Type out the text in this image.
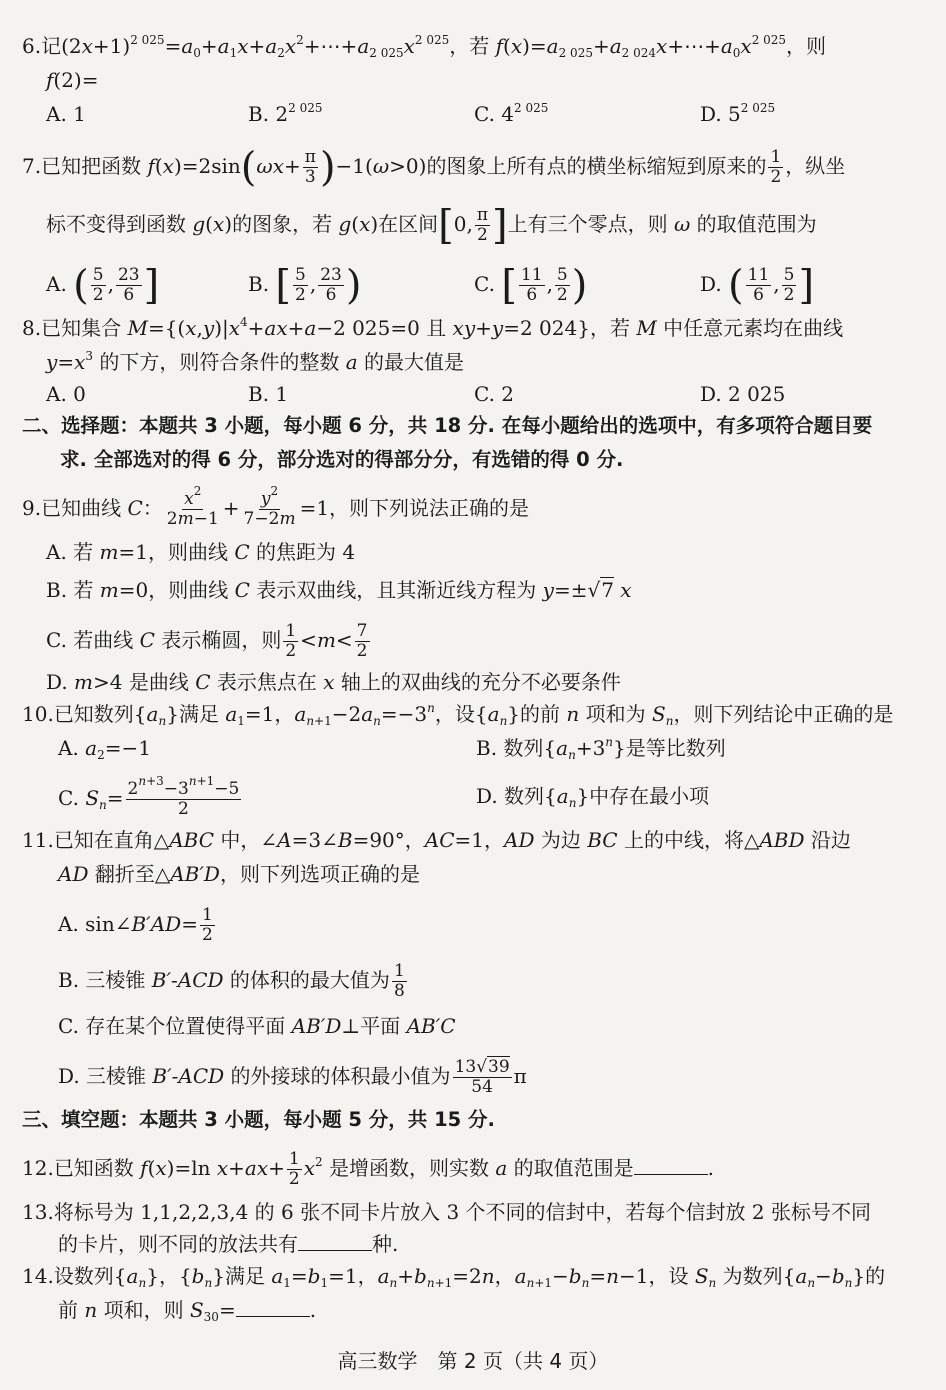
6.记$(2x+1)^{2 025}=a_0+a_1x+a_2x^2+\cdots+a_{2 025}x^{2 025}$，若 $f(x)=a_{2 025}+a_{2 024}x+\cdots+a_0x^{2 025}$，则
f(2)=
A. 1	B. $2^{2 025}$	C. $4^{2 025}$	D. $5^{2 025}$
7.已知把函数 $f(x)=2\sin(\omega x+ \frac{\pi}{3} )-1(\omega>0)$的图象上所有点的横坐标缩短到原来的 $\frac{1}{2}$ ，纵坐
标不变得到函数 g(x)的图象，若 g(x)在区间[0, $\frac{\pi}{2}$ ]上有三个零点，则 ω 的取值范围为
A. ( $\frac{5}{2}$ , $\frac{23}{6}$ ]	B. [ $\frac{5}{2}$ , $\frac{23}{6}$ )	C. [ $\frac{11}{6}$ , $\frac{5}{2}$ )	D. ( $\frac{11}{6}$ , $\frac{5}{2}$ ]
8.已知集合 $M=\{(x,y)|x^4+ax+a-2$ 025=0 且 xy+y=2 024}，若 M 中任意元素均在曲线
$y=x^3$ 的下方，则符合条件的整数 a 的最大值是
A. 0	B. 1	C. 2	D. 2 025
二、选择题：本题共 3 小题，每小题 6 分，共 18 分. 在每小题给出的选项中，有多项符合题目要
求. 全部选对的得 6 分，部分选对的得部分分，有选错的得 0 分.
9.已知曲线 C： $\frac{x^2}{2m-1} + \frac{y^2}{7-2m} =1$，则下列说法正确的是
A. 若 m=1，则曲线 C 的焦距为 4
B. 若 m=0，则曲线 C 表示双曲线，且其渐近线方程为 y=±√7 x
C. 若曲线 C 表示椭圆，则 $\frac{1}{2} <m< \frac{7}{2}$
D. m>4 是曲线 C 表示焦点在 x 轴上的双曲线的充分不必要条件
10.已知数列$\{a_n\}$满足 $a_1=1$，$a_{n+1}-2a_n=-3^n$，设$\{a_n\}$的前 n 项和为 $S_n$，则下列结论中正确的是
A. $a_2=-1$	B. 数列$\{a_n+3^n\}$是等比数列
C. $S_n= \frac{2^{n+3}-3^{n+1}-5}{2}$	D. 数列$\{a_n\}$中存在最小项
11.已知在直角△ABC 中，∠A=3∠B=90°，AC=1，AD 为边 BC 上的中线，将△ABD 沿边
AD 翻折至△AB′D，则下列选项正确的是
A. sin∠B′AD= $\frac{1}{2}$
B. 三棱锥 B′-ACD 的体积的最大值为 $\frac{1}{8}$
C. 存在某个位置使得平面 AB′D⊥平面 AB′C
D. 三棱锥 B′-ACD 的外接球的体积最小值为 $\frac{13√39}{54}$ π
三、填空题：本题共 3 小题，每小题 5 分，共 15 分.
12.已知函数 f(x)=ln $x+ax+ \frac{1}{2} x^2$ 是增函数，则实数 a 的取值范围是	.
13.将标号为 1,1,2,2,3,4 的 6 张不同卡片放入 3 个不同的信封中，若每个信封放 2 张标号不同
的卡片，则不同的放法共有	种.
14.设数列$\{a_n\}$，$\{b_n\}$满足 $a_1=b_1=1$，$a_n+b_{n+1}=2n$，$a_{n+1}-b_n=n-1$，设 $S_n$ 为数列$\{a_n-b_n\}$的
前 n 项和，则 $S_{30}=$	.
高三数学　第 2 页（共 4 页）
